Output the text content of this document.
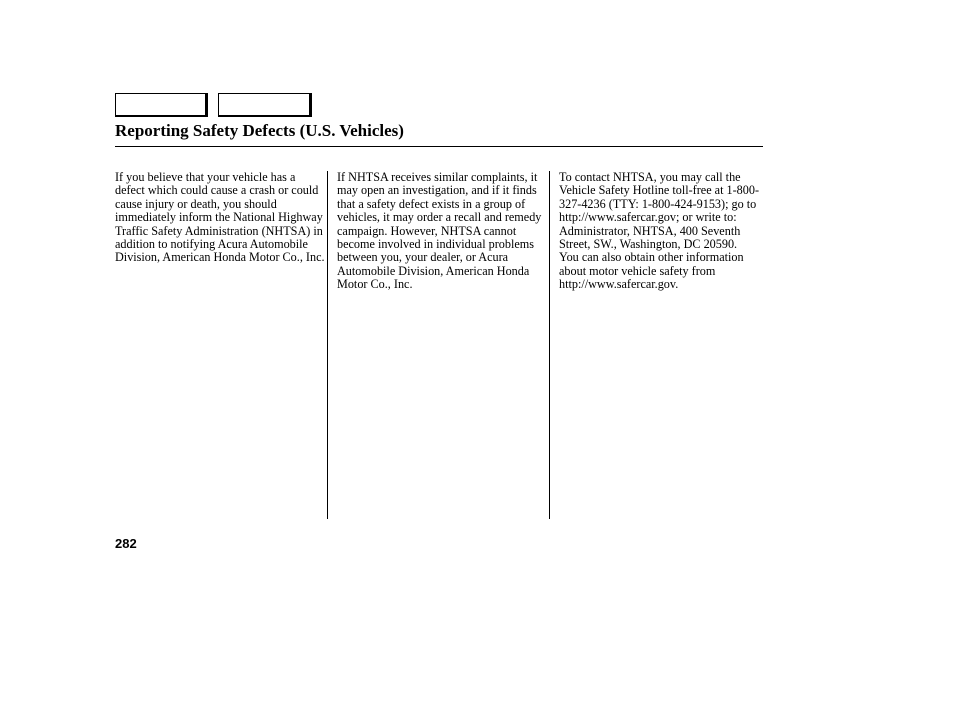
Reporting Safety Defects (U.S. Vehicles)

If you believe that your vehicle has a defect which could cause a crash or could cause injury or death, you should immediately inform the National Highway Traffic Safety Administration (NHTSA) in addition to notifying Acura Automobile Division, American Honda Motor Co., Inc.

If NHTSA receives similar complaints, it may open an investigation, and if it finds that a safety defect exists in a group of vehicles, it may order a recall and remedy campaign. However, NHTSA cannot become involved in individual problems between you, your dealer, or Acura Automobile Division, American Honda Motor Co., Inc.

To contact NHTSA, you may call the Vehicle Safety Hotline toll-free at 1-800-327-4236 (TTY: 1-800-424-9153); go to http://www.safercar.gov; or write to: Administrator, NHTSA, 400 Seventh Street, SW., Washington, DC 20590.

You can also obtain other information about motor vehicle safety from http://www.safercar.gov.

282
